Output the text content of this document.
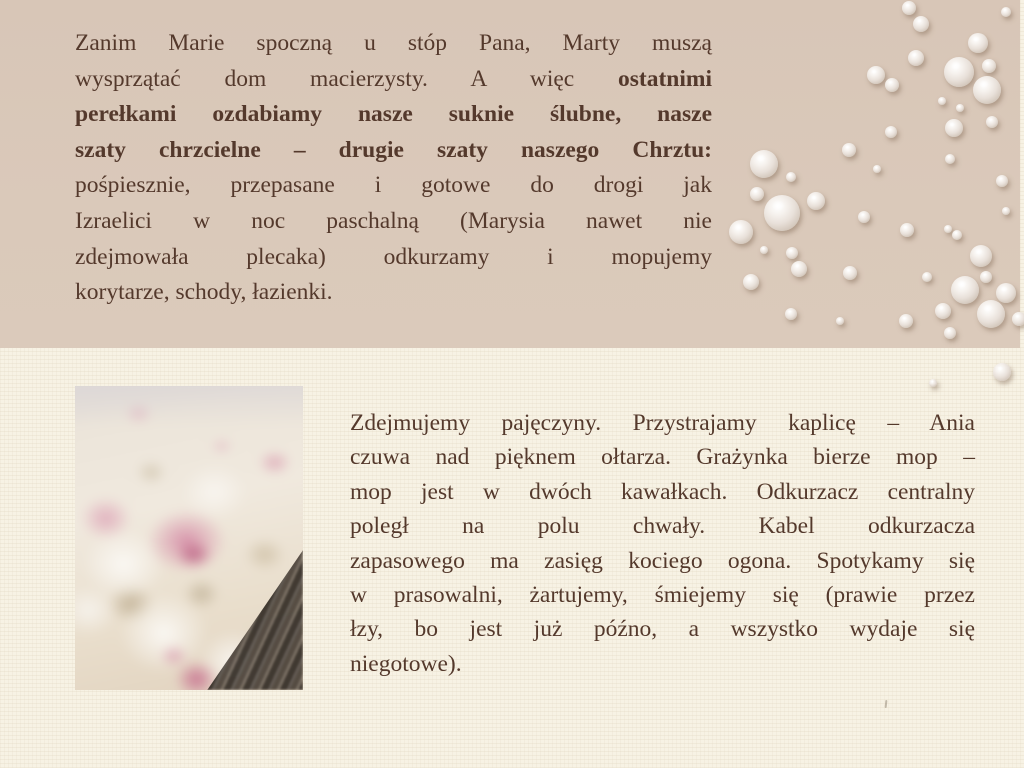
Zanim Marie spoczną u stóp Pana, Marty muszą
wysprzątać dom macierzysty. A więc ostatnimi
perełkami ozdabiamy nasze suknie ślubne, nasze
szaty chrzcielne – drugie szaty naszego Chrztu:
pośpiesznie, przepasane i gotowe do drogi jak
Izraelici w noc paschalną (Marysia nawet nie
zdejmowała plecaka) odkurzamy i mopujemy
korytarze, schody, łazienki.
Zdejmujemy pajęczyny. Przystrajamy kaplicę – Ania
czuwa nad pięknem ołtarza. Grażynka bierze mop –
mop jest w dwóch kawałkach. Odkurzacz centralny
poległ na polu chwały. Kabel odkurzacza
zapasowego ma zasięg kociego ogona. Spotykamy się
w prasowalni, żartujemy, śmiejemy się (prawie przez
łzy, bo jest już późno, a wszystko wydaje się
niegotowe).
